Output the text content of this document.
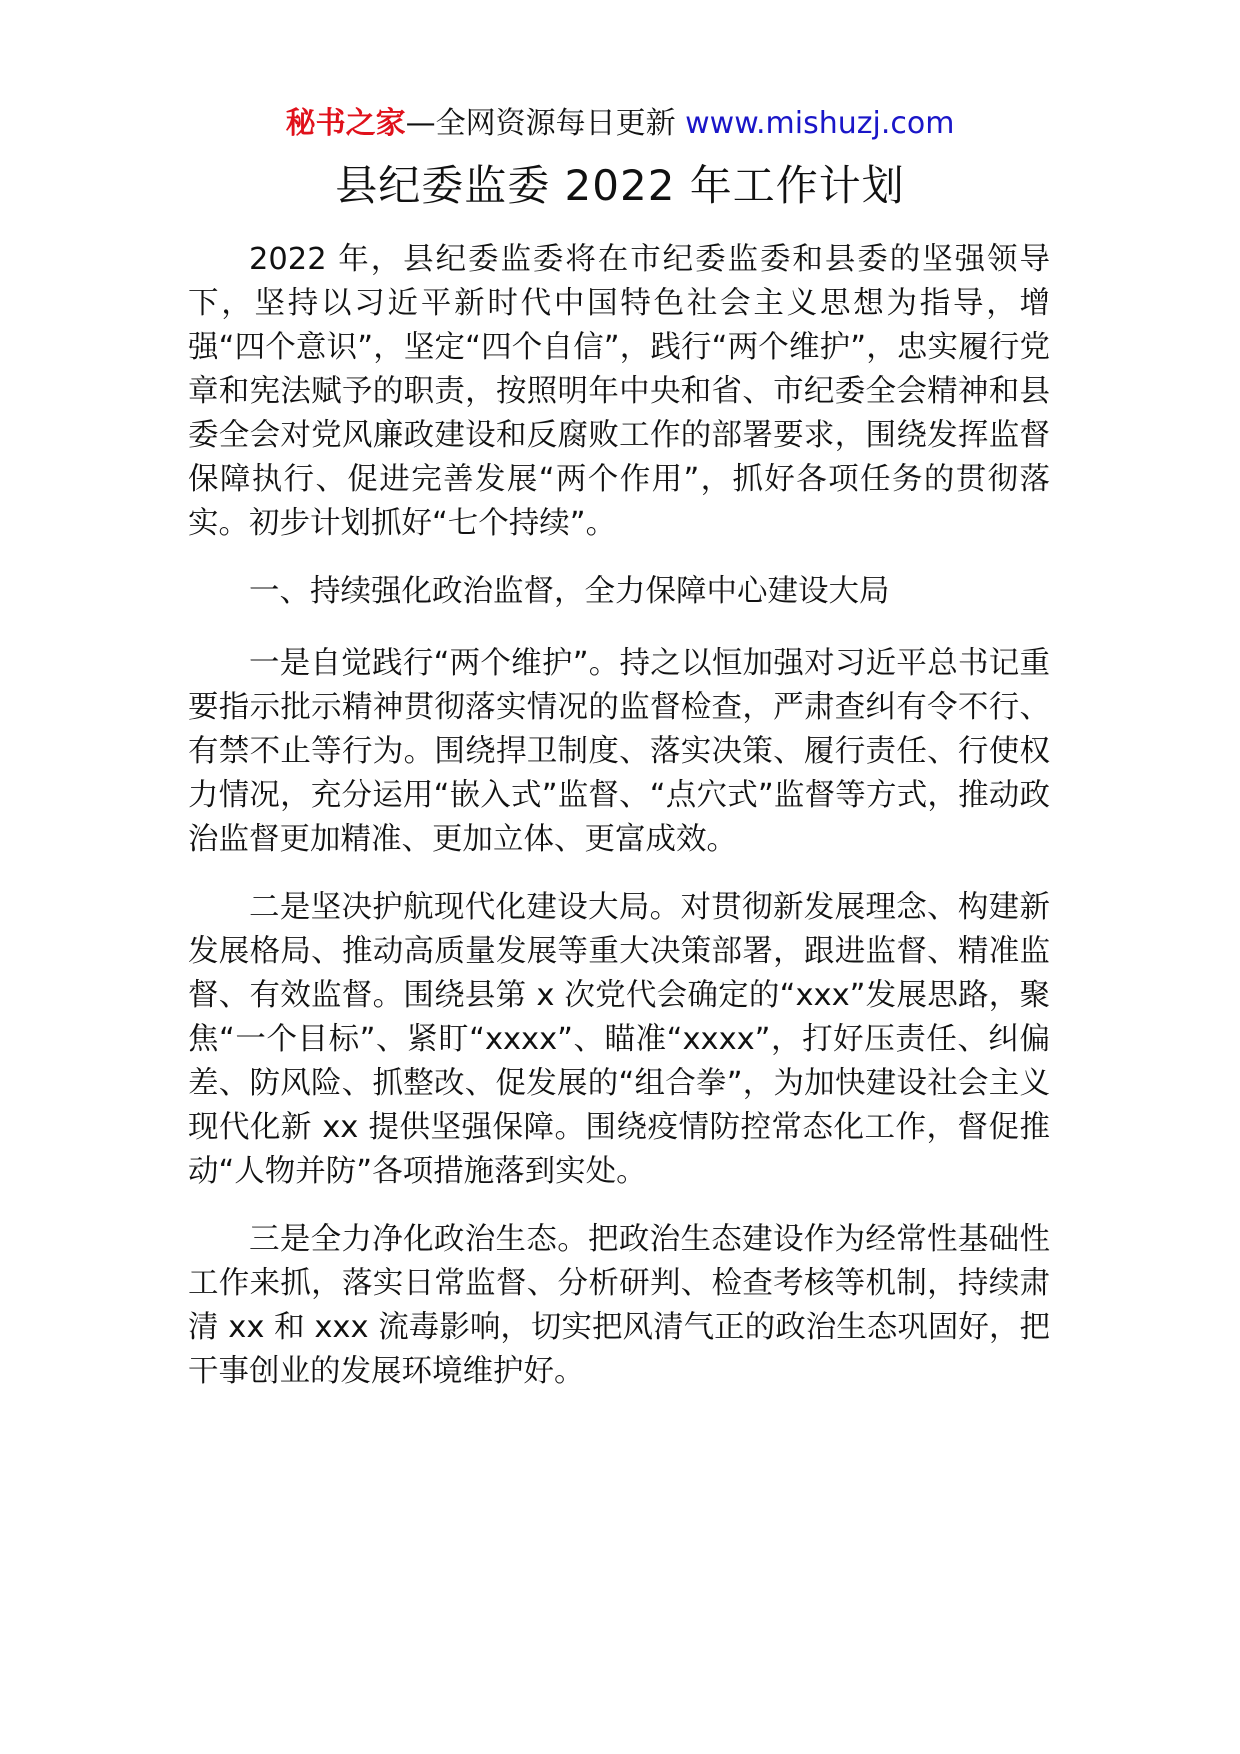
秘书之家—全网资源每日更新 www.mishuzj.com
县纪委监委 2022 年工作计划

2022 年，县纪委监委将在市纪委监委和县委的坚强领导下，坚持以习近平新时代中国特色社会主义思想为指导，增强“四个意识”，坚定“四个自信”，践行“两个维护”，忠实履行党章和宪法赋予的职责，按照明年中央和省、市纪委全会精神和县委全会对党风廉政建设和反腐败工作的部署要求，围绕发挥监督保障执行、促进完善发展“两个作用”，抓好各项任务的贯彻落实。初步计划抓好“七个持续”。

一、持续强化政治监督，全力保障中心建设大局

一是自觉践行“两个维护”。持之以恒加强对习近平总书记重要指示批示精神贯彻落实情况的监督检查，严肃查纠有令不行、有禁不止等行为。围绕捍卫制度、落实决策、履行责任、行使权力情况，充分运用“嵌入式”监督、“点穴式”监督等方式，推动政治监督更加精准、更加立体、更富成效。

二是坚决护航现代化建设大局。对贯彻新发展理念、构建新发展格局、推动高质量发展等重大决策部署，跟进监督、精准监督、有效监督。围绕县第 x 次党代会确定的“xxx”发展思路，聚焦“一个目标”、紧盯“xxxx”、瞄准“xxxx”，打好压责任、纠偏差、防风险、抓整改、促发展的“组合拳”，为加快建设社会主义现代化新 xx 提供坚强保障。围绕疫情防控常态化工作，督促推动“人物并防”各项措施落到实处。

三是全力净化政治生态。把政治生态建设作为经常性基础性工作来抓，落实日常监督、分析研判、检查考核等机制，持续肃清 xx 和 xxx 流毒影响，切实把风清气正的政治生态巩固好，把干事创业的发展环境维护好。
